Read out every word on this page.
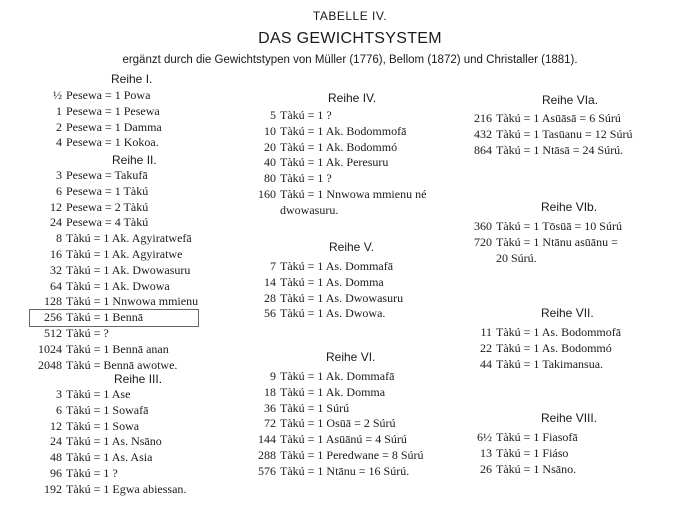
TABELLE IV.
DAS GEWICHTSYSTEM
ergänzt durch die Gewichtstypen von Müller (1776), Bellom (1872) und Christaller (1881).
Reihe I.
½ Pesewa = 1 Powa
1 Pesewa = 1 Pesewa
2 Pesewa = 1 Damma
4 Pesewa = 1 Kokoa.
Reihe II.
3 Pesewa = Takufā
6 Pesewa = 1 Tàkú
12 Pesewa = 2 Tàkú
24 Pesewa = 4 Tàkú
8 Tàkú = 1 Ak. Agyiratwefā
16 Tàkú = 1 Ak. Agyiratwe
32 Tàkú = 1 Ak. Dwowasuru
64 Tàkú = 1 Ak. Dwowa
128 Tàkú = 1 Nnwowa mmienu
256 Tàkú = 1 Bennā
512 Tàkú = ?
1024 Tàkú = 1 Bennā anan
2048 Tàkú = Bennā awotwe.
Reihe III.
3 Tàkú = 1 Ase
6 Tàkú = 1 Sowafā
12 Tàkú = 1 Sowa
24 Tàkú = 1 As. Nsāno
48 Tàkú = 1 As. Asia
96 Tàkú = 1 ?
192 Tàkú = 1 Egwa abiessan.
Reihe IV.
5 Tàkú = 1 ?
10 Tàkú = 1 Ak. Bodommofā
20 Tàkú = 1 Ak. Bodommó
40 Tàkú = 1 Ak. Peresuru
80 Tàkú = 1 ?
160 Tàkú = 1 Nnwowa mmienu né
dwowasuru.
Reihe V.
7 Tàkú = 1 As. Dommafā
14 Tàkú = 1 As. Domma
28 Tàkú = 1 As. Dwowasuru
56 Tàkú = 1 As. Dwowa.
Reihe VI.
9 Tàkú = 1 Ak. Dommafā
18 Tàkú = 1 Ak. Domma
36 Tàkú = 1 Súrú
72 Tàkú = 1 Osūā = 2 Súrú
144 Tàkú = 1 Asūānú = 4 Súrú
288 Tàkú = 1 Peredwane = 8 Súrú
576 Tàkú = 1 Ntānu = 16 Súrú.
Reihe VIa.
216 Tàkú = 1 Asūāsā = 6 Súrú
432 Tàkú = 1 Tasūanu = 12 Súrú
864 Tàkú = 1 Ntāsā = 24 Súrú.
Reihe VIb.
360 Tàkú = 1 Tōsūā = 10 Súrú
720 Tàkú = 1 Ntānu asūānu =
20 Súrú.
Reihe VII.
11 Tàkú = 1 As. Bodommofā
22 Tàkú = 1 As. Bodommó
44 Tàkú = 1 Takimansua.
Reihe VIII.
6½ Tàkú = 1 Fiasofā
13 Tàkú = 1 Fiáso
26 Tàkú = 1 Nsāno.
